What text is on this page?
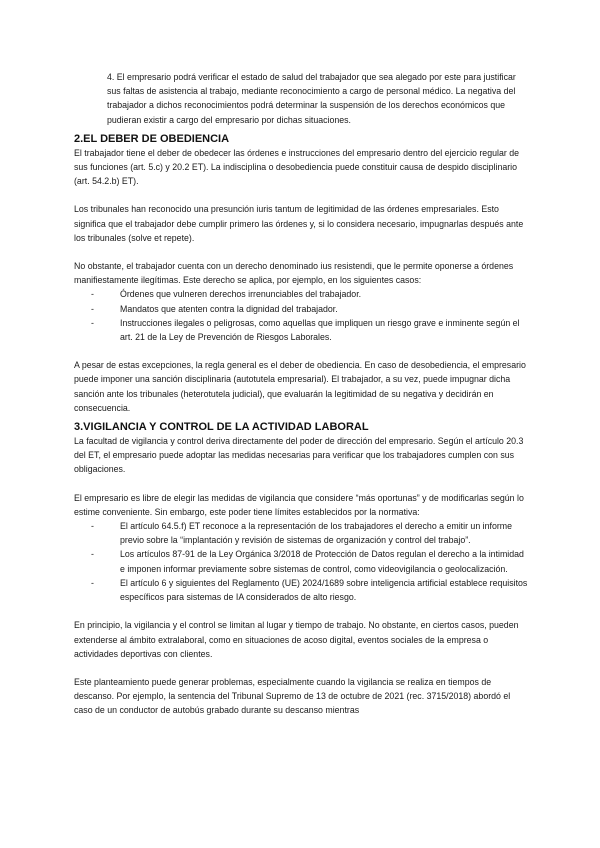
4. El empresario podrá verificar el estado de salud del trabajador que sea alegado por este para justificar sus faltas de asistencia al trabajo, mediante reconocimiento a cargo de personal médico. La negativa del trabajador a dichos reconocimientos podrá determinar la suspensión de los derechos económicos que pudieran existir a cargo del empresario por dichas situaciones.

2.EL DEBER DE OBEDIENCIA

El trabajador tiene el deber de obedecer las órdenes e instrucciones del empresario dentro del ejercicio regular de sus funciones (art. 5.c) y 20.2 ET). La indisciplina o desobediencia puede constituir causa de despido disciplinario (art. 54.2.b) ET).

Los tribunales han reconocido una presunción iuris tantum de legitimidad de las órdenes empresariales. Esto significa que el trabajador debe cumplir primero las órdenes y, si lo considera necesario, impugnarlas después ante los tribunales (solve et repete).

No obstante, el trabajador cuenta con un derecho denominado ius resistendi, que le permite oponerse a órdenes manifiestamente ilegítimas. Este derecho se aplica, por ejemplo, en los siguientes casos:

-	Órdenes que vulneren derechos irrenunciables del trabajador.
-	Mandatos que atenten contra la dignidad del trabajador.
-	Instrucciones ilegales o peligrosas, como aquellas que impliquen un riesgo grave e inminente según el art. 21 de la Ley de Prevención de Riesgos Laborales.

A pesar de estas excepciones, la regla general es el deber de obediencia. En caso de desobediencia, el empresario puede imponer una sanción disciplinaria (autotutela empresarial). El trabajador, a su vez, puede impugnar dicha sanción ante los tribunales (heterotutela judicial), que evaluarán la legitimidad de su negativa y decidirán en consecuencia.

3.VIGILANCIA Y CONTROL DE LA ACTIVIDAD LABORAL

La facultad de vigilancia y control deriva directamente del poder de dirección del empresario. Según el artículo 20.3 del ET, el empresario puede adoptar las medidas necesarias para verificar que los trabajadores cumplen con sus obligaciones.

El empresario es libre de elegir las medidas de vigilancia que considere “más oportunas” y de modificarlas según lo estime conveniente. Sin embargo, este poder tiene límites establecidos por la normativa:

-	El artículo 64.5.f) ET reconoce a la representación de los trabajadores el derecho a emitir un informe previo sobre la “implantación y revisión de sistemas de organización y control del trabajo”.
-	Los artículos 87-91 de la Ley Orgánica 3/2018 de Protección de Datos regulan el derecho a la intimidad e imponen informar previamente sobre sistemas de control, como videovigilancia o geolocalización.
-	El artículo 6 y siguientes del Reglamento (UE) 2024/1689 sobre inteligencia artificial establece requisitos específicos para sistemas de IA considerados de alto riesgo.

En principio, la vigilancia y el control se limitan al lugar y tiempo de trabajo. No obstante, en ciertos casos, pueden extenderse al ámbito extralaboral, como en situaciones de acoso digital, eventos sociales de la empresa o actividades deportivas con clientes.

Este planteamiento puede generar problemas, especialmente cuando la vigilancia se realiza en tiempos de descanso. Por ejemplo, la sentencia del Tribunal Supremo de 13 de octubre de 2021 (rec. 3715/2018) abordó el caso de un conductor de autobús grabado durante su descanso mientras
